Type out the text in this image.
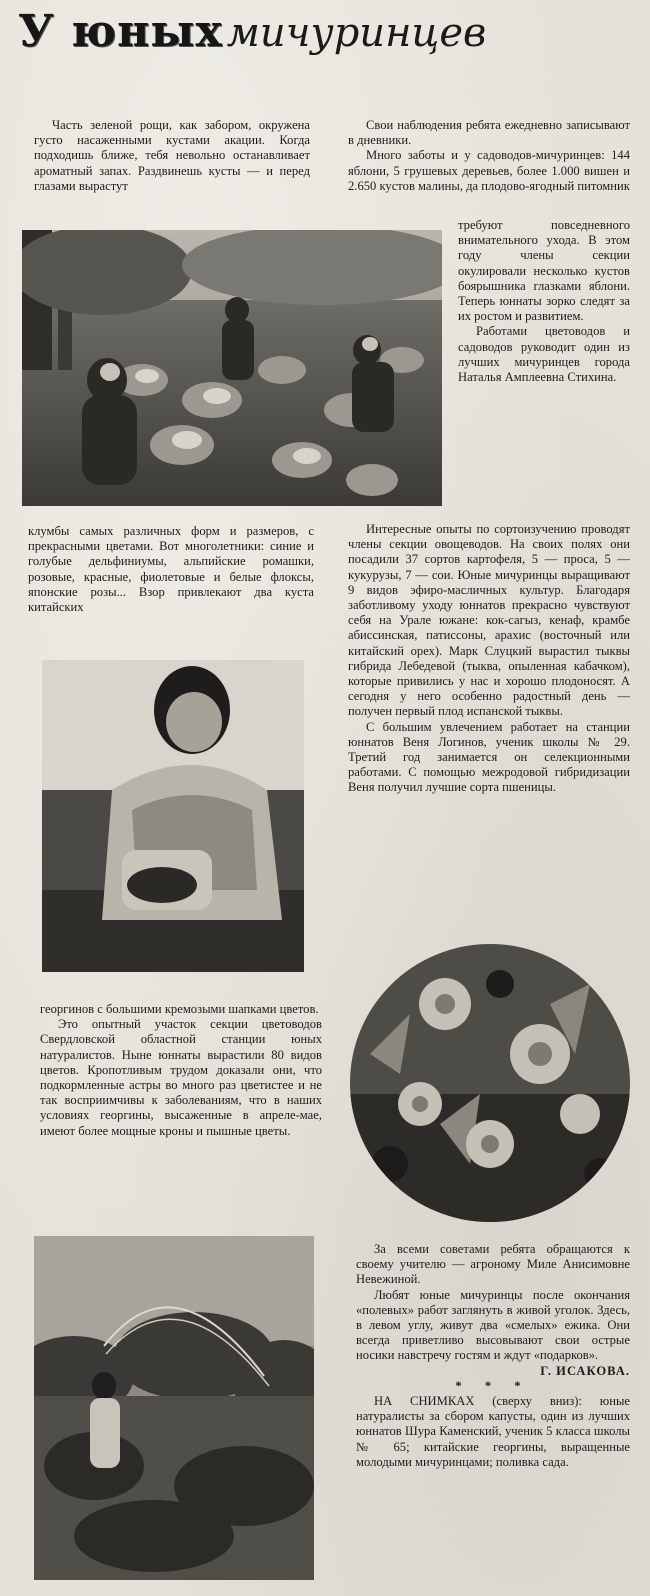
У юных мичуринцев

Часть зеленой рощи, как забором, окружена густо насаженными кустами акации. Когда подходишь ближе, тебя невольно останавливает ароматный запах. Раздвинешь кусты — и перед глазами вырастут

Свои наблюдения ребята ежедневно записывают в дневники.

Много заботы и у садоводов-мичуринцев: 144 яблони, 5 грушевых деревьев, более 1.000 вишен и 2.650 кустов малины, да плодово-ягодный питомник

требуют повседневного внимательного ухода. В этом году члены секции окулировали несколько кустов боярышника глазками яблони. Теперь юннаты зорко следят за их ростом и развитием.

Работами цветоводов и садоводов руководит один из лучших мичуринцев города Наталья Амплеевна Стихина.

клумбы самых различных форм и размеров, с прекрасными цветами. Вот многолетники: синие и голубые дельфиниумы, альпийские ромашки, розовые, красные, фиолетовые и белые флоксы, японские розы... Взор привлекают два куста китайских

Интересные опыты по сортоизучению проводят члены секции овощеводов. На своих полях они посадили 37 сортов картофеля, 5 — проса, 5 — кукурузы, 7 — сои. Юные мичуринцы выращивают 9 видов эфиро-масличных культур. Благодаря заботливому уходу юннатов прекрасно чувствуют себя на Урале южане: кок-сагыз, кенаф, крамбе абиссинская, патиссоны, арахис (восточный или китайский орех). Марк Слуцкий вырастил тыквы гибрида Лебедевой (тыква, опыленная кабачком), которые привились у нас и хорошо плодоносят. А сегодня у него особенно радостный день — получен первый плод испанской тыквы.

С большим увлечением работает на станции юннатов Веня Логинов, ученик школы № 29. Третий год занимается он селекционными работами. С помощью межродовой гибридизации Веня получил лучшие сорта пшеницы.

георгинов с большими кремозыми шапками цветов.

Это опытный участок секции цветоводов Свердловской областной станции юных натуралистов. Ныне юннаты вырастили 80 видов цветов. Кропотливым трудом доказали они, что подкормленные астры во много раз цветистее и не так восприимчивы к заболеваниям, что в наших условиях георгины, высаженные в апреле-мае, имеют более мощные кроны и пышные цветы.

За всеми советами ребята обращаются к своему учителю — агроному Миле Анисимовне Невежиной.

Любят юные мичуринцы после окончания «полевых» работ заглянуть в живой уголок. Здесь, в левом углу, живут два «смелых» ежика. Они всегда приветливо высовывают свои острые носики навстречу гостям и ждут «подарков».

Г. ИСАКОВА.

* * *

НА СНИМКАХ (сверху вниз): юные натуралисты за сбором капусты, один из лучших юннатов Шура Каменский, ученик 5 класса школы № 65; китайские георгины, выращенные молодыми мичуринцами; поливка сада.
